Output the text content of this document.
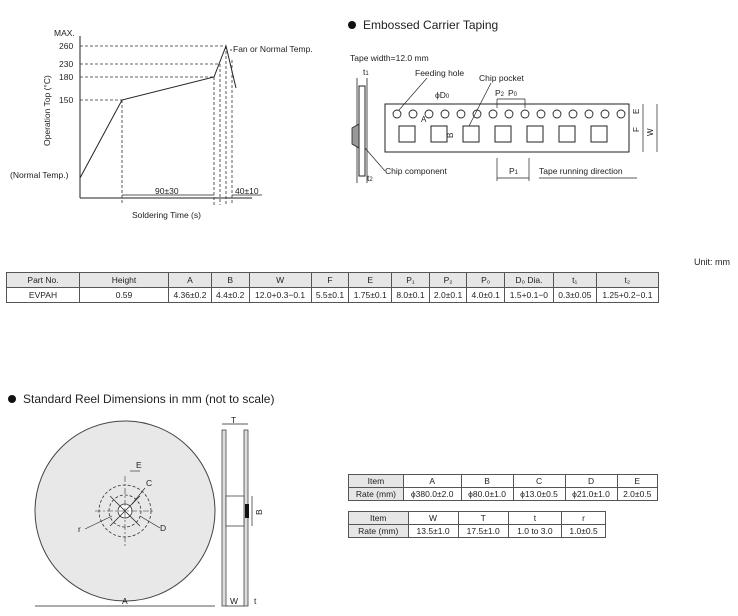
MAX.
260
230
180
150
Operation Top (°C)
(Normal Temp.)
Fan or Normal Temp.
90±30	40±10
Soldering Time (s)
Embossed Carrier Taping
Tape width=12.0 mm
t1
t2
Feeding hole Chip pocket
ϕD0
A
B
P2 P0
E
F W
Chip component	P1 Tape running direction
Unit: mm
Part No.	Height	A	B	W	F	E	P₁	P₂	P₀	D₀ Dia.	t₁	t₂
EVPAH	0.59	4.36±0.2	4.4±0.2	12.0+0.3−0.1	5.5±0.1	1.75±0.1	8.0±0.1	2.0±0.1	4.0±0.1	1.5+0.1−0	0.3±0.05	1.25+0.2−0.1
Standard Reel Dimensions in mm (not to scale)
E
C
r	D
A
T
B
W t
Item	A	B	C	D	E
Rate (mm)	ϕ380.0±2.0	ϕ80.0±1.0	ϕ13.0±0.5	ϕ21.0±1.0	2.0±0.5
Item	W	T	t	r
Rate (mm)	13.5±1.0	17.5±1.0	1.0 to 3.0	1.0±0.5
